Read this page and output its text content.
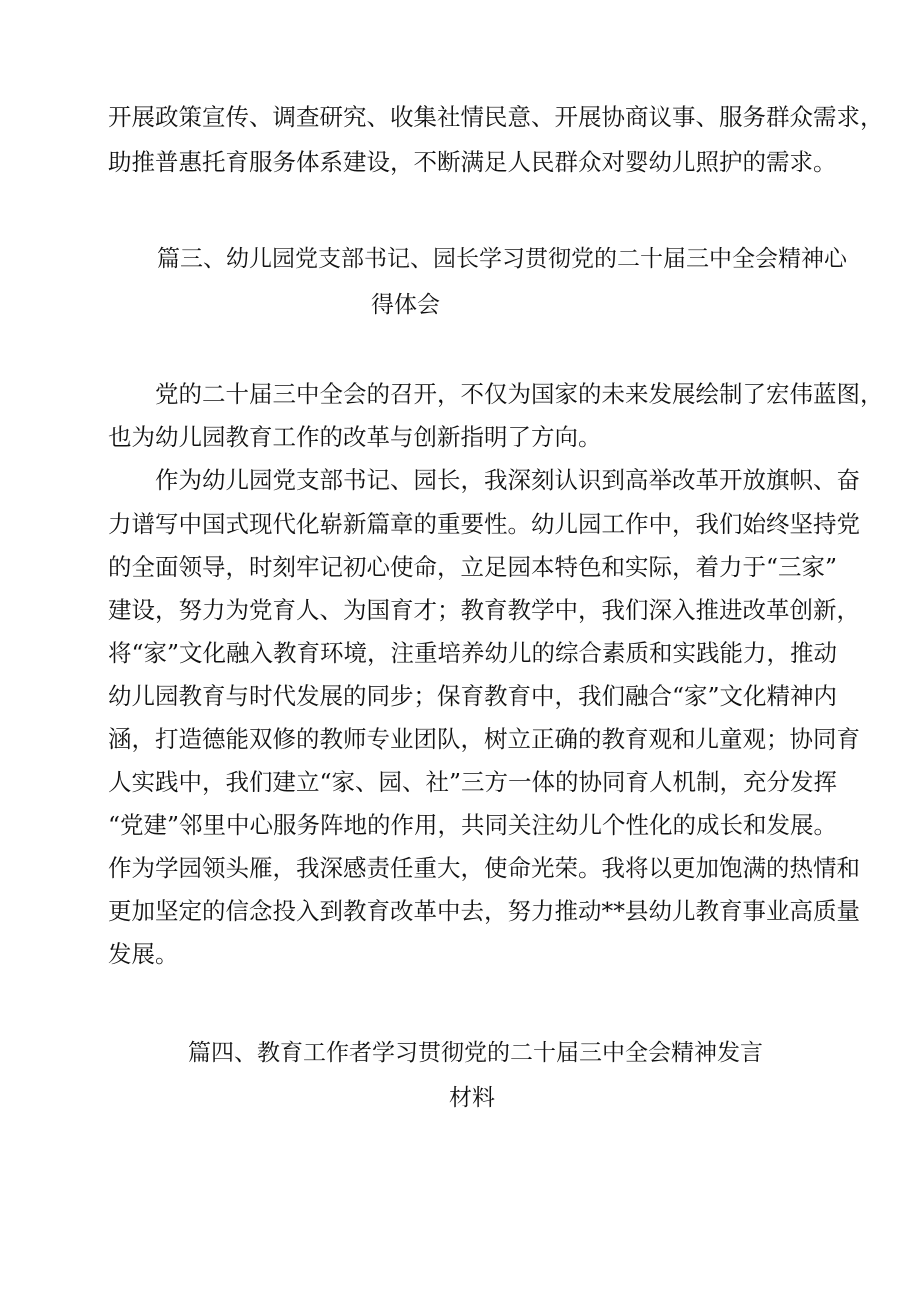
开展政策宣传、调查研究、收集社情民意、开展协商议事、服务群众需求，
助推普惠托育服务体系建设，不断满足人民群众对婴幼儿照护的需求。
篇三、幼儿园党支部书记、园长学习贯彻党的二十届三中全会精神心
得体会
党的二十届三中全会的召开，不仅为国家的未来发展绘制了宏伟蓝图，
也为幼儿园教育工作的改革与创新指明了方向。
作为幼儿园党支部书记、园长，我深刻认识到高举改革开放旗帜、奋
力谱写中国式现代化崭新篇章的重要性。幼儿园工作中，我们始终坚持党
的全面领导，时刻牢记初心使命，立足园本特色和实际，着力于“三家”
建设，努力为党育人、为国育才；教育教学中，我们深入推进改革创新，
将“家”文化融入教育环境，注重培养幼儿的综合素质和实践能力，推动
幼儿园教育与时代发展的同步；保育教育中，我们融合“家”文化精神内
涵，打造德能双修的教师专业团队，树立正确的教育观和儿童观；协同育
人实践中，我们建立“家、园、社”三方一体的协同育人机制，充分发挥
“党建”邻里中心服务阵地的作用，共同关注幼儿个性化的成长和发展。
作为学园领头雁，我深感责任重大，使命光荣。我将以更加饱满的热情和
更加坚定的信念投入到教育改革中去，努力推动**县幼儿教育事业高质量
发展。
篇四、教育工作者学习贯彻党的二十届三中全会精神发言
材料
